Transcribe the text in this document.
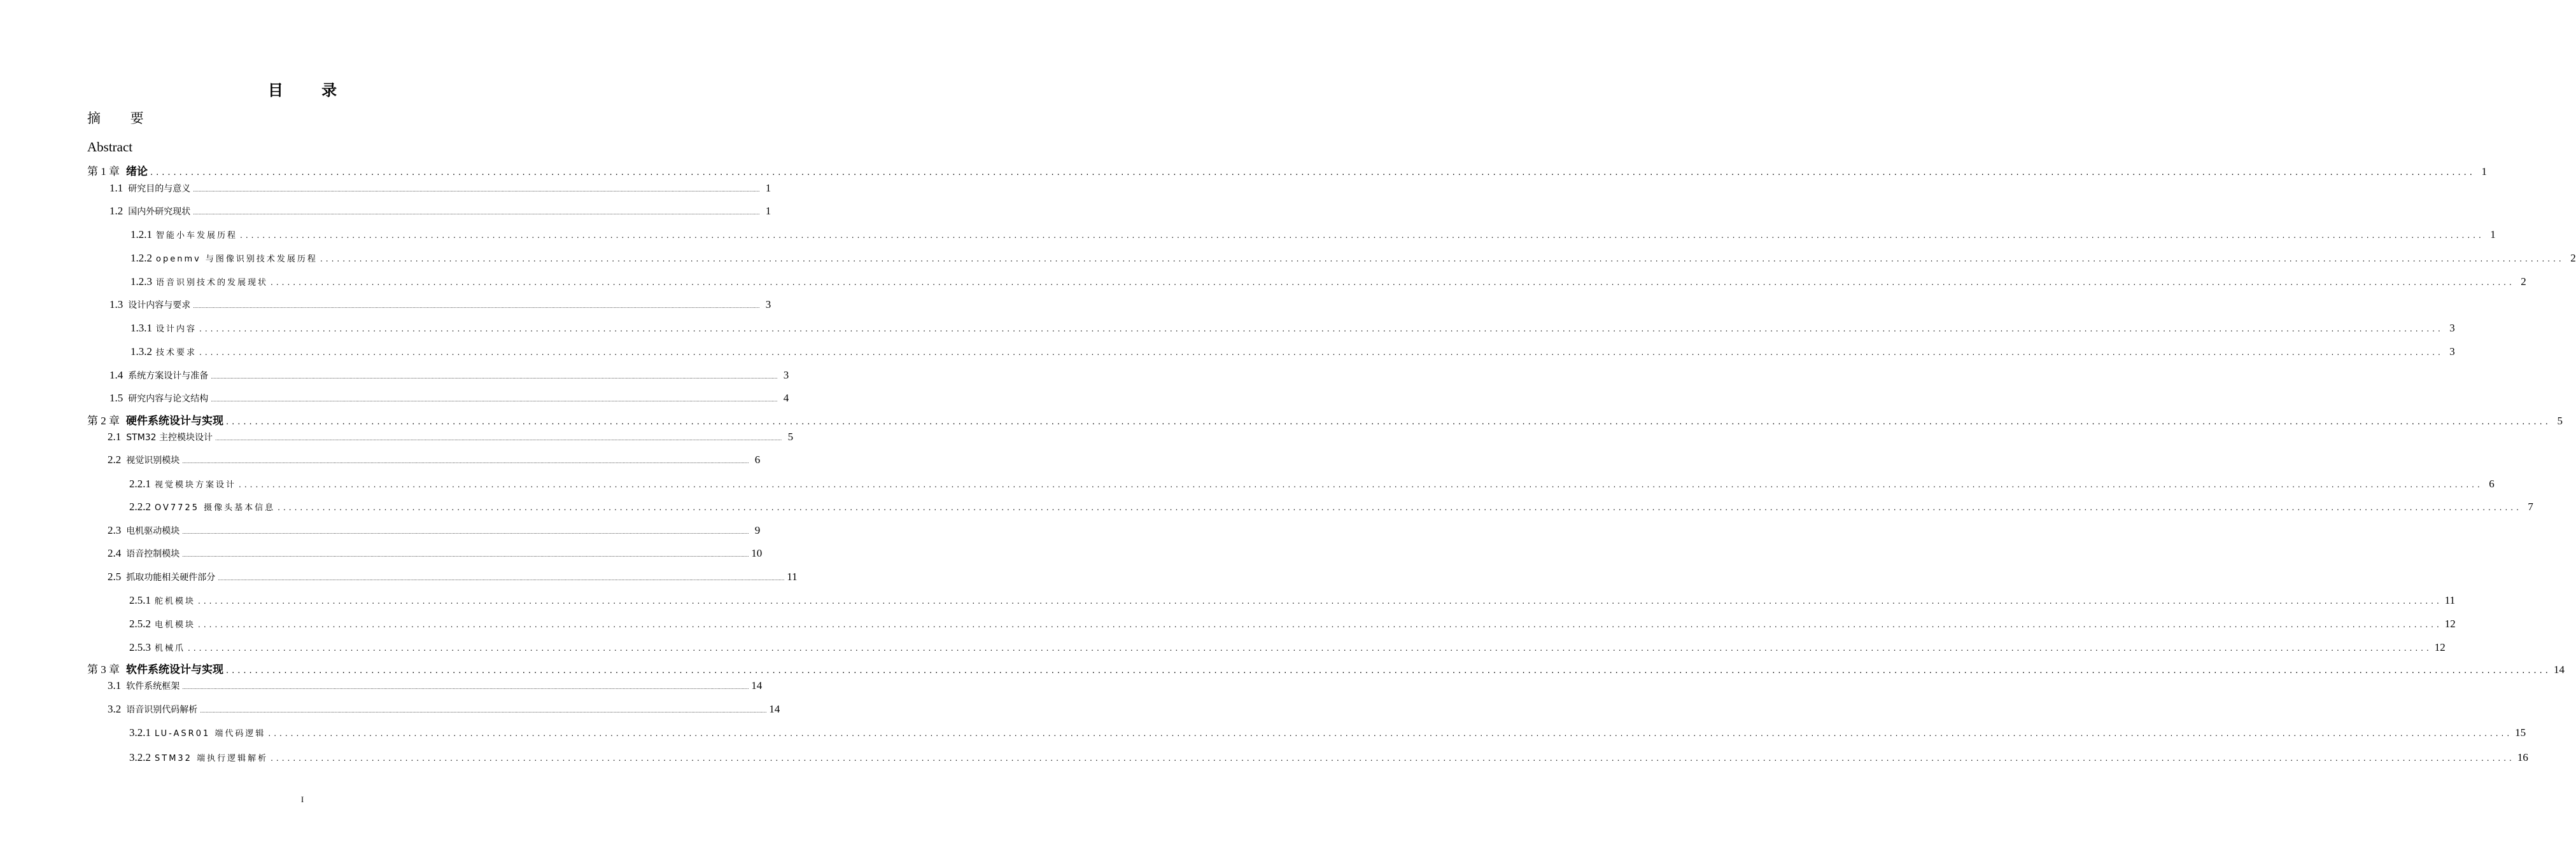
目 录
摘 要
Abstract
第 1 章 绪论 ................................................................................................................................................................................................................................................................................................................................................................................................................ 1
1.1 研究目的与意义 ................................................................................................................................................................................................................................................................................................................................................................................................................ 1
1.2 国内外研究现状 ................................................................................................................................................................................................................................................................................................................................................................................................................ 1
1.2.1 智能小车发展历程 ................................................................................................................................................................................................................................................................................................................................................................................................................ 1
1.2.2 openmv 与图像识别技术发展历程 ................................................................................................................................................................................................................................................................................................................................................................................................................ 2
1.2.3 语音识别技术的发展现状 ................................................................................................................................................................................................................................................................................................................................................................................................................ 2
1.3 设计内容与要求 ................................................................................................................................................................................................................................................................................................................................................................................................................ 3
1.3.1 设计内容 ................................................................................................................................................................................................................................................................................................................................................................................................................ 3
1.3.2 技术要求 ................................................................................................................................................................................................................................................................................................................................................................................................................ 3
1.4 系统方案设计与准备 ................................................................................................................................................................................................................................................................................................................................................................................................................ 3
1.5 研究内容与论文结构 ................................................................................................................................................................................................................................................................................................................................................................................................................ 4
第 2 章 硬件系统设计与实现 ................................................................................................................................................................................................................................................................................................................................................................................................................ 5
2.1 STM32 主控模块设计 ................................................................................................................................................................................................................................................................................................................................................................................................................ 5
2.2 视觉识别模块 ................................................................................................................................................................................................................................................................................................................................................................................................................ 6
2.2.1 视觉模块方案设计 ................................................................................................................................................................................................................................................................................................................................................................................................................ 6
2.2.2 OV7725 摄像头基本信息 ................................................................................................................................................................................................................................................................................................................................................................................................................ 7
2.3 电机驱动模块 ................................................................................................................................................................................................................................................................................................................................................................................................................ 9
2.4 语音控制模块 ................................................................................................................................................................................................................................................................................................................................................................................................................ 10
2.5 抓取功能相关硬件部分 ................................................................................................................................................................................................................................................................................................................................................................................................................ 11
2.5.1 舵机模块 ................................................................................................................................................................................................................................................................................................................................................................................................................ 11
2.5.2 电机模块 ................................................................................................................................................................................................................................................................................................................................................................................................................ 12
2.5.3 机械爪 ................................................................................................................................................................................................................................................................................................................................................................................................................ 12
第 3 章 软件系统设计与实现 ................................................................................................................................................................................................................................................................................................................................................................................................................ 14
3.1 软件系统框架 ................................................................................................................................................................................................................................................................................................................................................................................................................ 14
3.2 语音识别代码解析 ................................................................................................................................................................................................................................................................................................................................................................................................................ 14
3.2.1 LU-ASR01 端代码逻辑 ................................................................................................................................................................................................................................................................................................................................................................................................................ 15
3.2.2 STM32 端执行逻辑解析 ................................................................................................................................................................................................................................................................................................................................................................................................................ 16
I
